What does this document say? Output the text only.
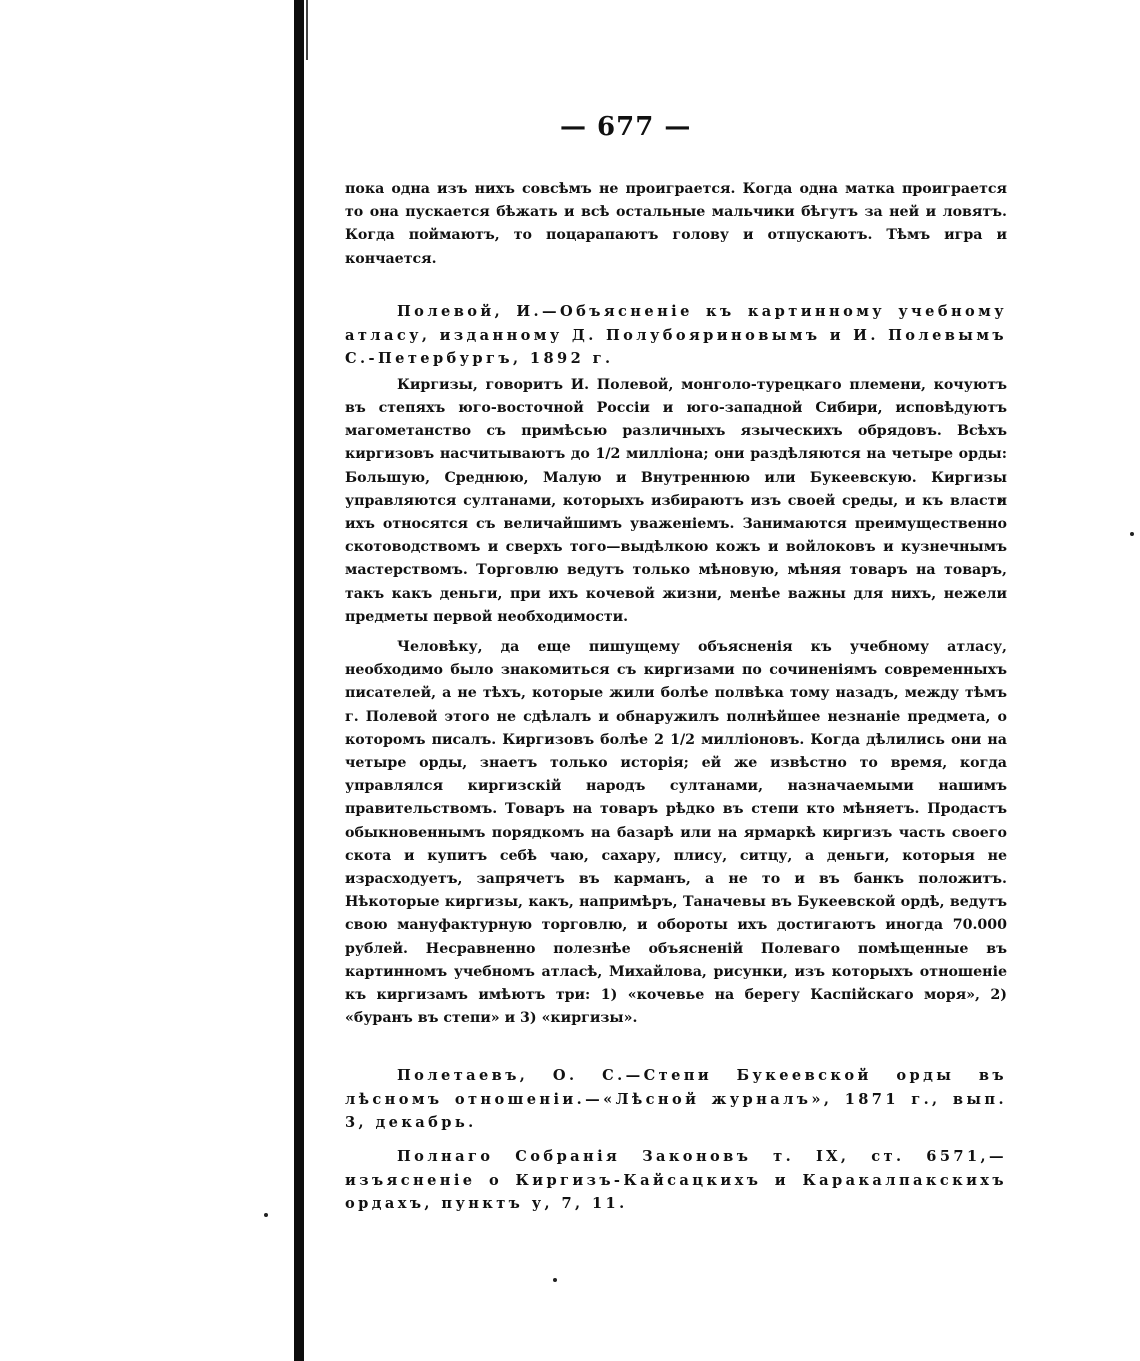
— 677 —

пока одна изъ нихъ совсѣмъ не проиграется. Когда одна матка проиграется то она пускается бѣжать и всѣ остальные мальчики бѣгутъ за ней и ловятъ. Когда поймаютъ, то поцарапаютъ голову и отпускаютъ. Тѣмъ игра и кончается.

Полевой, И.—Объясненіе къ картинному учебному атласу, изданному Д. Полубояриновымъ и И. Полевымъ С.-Петербургъ, 1892 г.

Киргизы, говоритъ И. Полевой, монголо-турецкаго племени, кочуютъ въ степяхъ юго-восточной Россіи и юго-западной Сибири, исповѣдуютъ магометанство съ примѣсью различныхъ языческихъ обрядовъ. Всѣхъ киргизовъ насчитываютъ до 1/2 милліона; они раздѣляются на четыре орды: Большую, Среднюю, Малую и Внутреннюю или Букеевскую. Киргизы управляются султанами, которыхъ избираютъ изъ своей среды, и къ власти ихъ относятся съ величайшимъ уваженіемъ. Занимаются преимущественно скотоводствомъ и сверхъ того—выдѣлкою кожъ и войлоковъ и кузнечнымъ мастерствомъ. Торговлю ведутъ только мѣновую, мѣняя товаръ на товаръ, такъ какъ деньги, при ихъ кочевой жизни, менѣе важны для нихъ, нежели предметы первой необходимости.

Человѣку, да еще пишущему объясненія къ учебному атласу, необходимо было знакомиться съ киргизами по сочиненіямъ современныхъ писателей, а не тѣхъ, которые жили болѣе полвѣка тому назадъ, между тѣмъ г. Полевой этого не сдѣлалъ и обнаружилъ полнѣйшее незнаніе предмета, о которомъ писалъ. Киргизовъ болѣе 2 1/2 милліоновъ. Когда дѣлились они на четыре орды, знаетъ только исторія; ей же извѣстно то время, когда управлялся киргизскій народъ султанами, назначаемыми нашимъ правительствомъ. Товаръ на товаръ рѣдко въ степи кто мѣняетъ. Продастъ обыкновеннымъ порядкомъ на базарѣ или на ярмаркѣ киргизъ часть своего скота и купитъ себѣ чаю, сахару, плису, ситцу, а деньги, которыя не израсходуетъ, запрячетъ въ карманъ, а не то и въ банкъ положитъ. Нѣкоторые киргизы, какъ, напримѣръ, Таначевы въ Букеевской ордѣ, ведутъ свою мануфактурную торговлю, и обороты ихъ достигаютъ иногда 70.000 рублей. Несравненно полезнѣе объясненій Полеваго помѣщенные въ картинномъ учебномъ атласѣ, Михайлова, рисунки, изъ которыхъ отношеніе къ киргизамъ имѣютъ три: 1) «кочевье на берегу Каспійскаго моря», 2) «буранъ въ степи» и 3) «киргизы».

Полетаевъ, О. С.—Степи Букеевской орды въ лѣсномъ отношеніи.—«Лѣсной журналъ», 1871 г., вып. 3, декабрь.

Полнаго Собранія Законовъ т. IX, ст. 6571,—изъясненіе о Киргизъ-Кайсацкихъ и Каракалпакскихъ ордахъ, пунктъ у, 7, 11.
